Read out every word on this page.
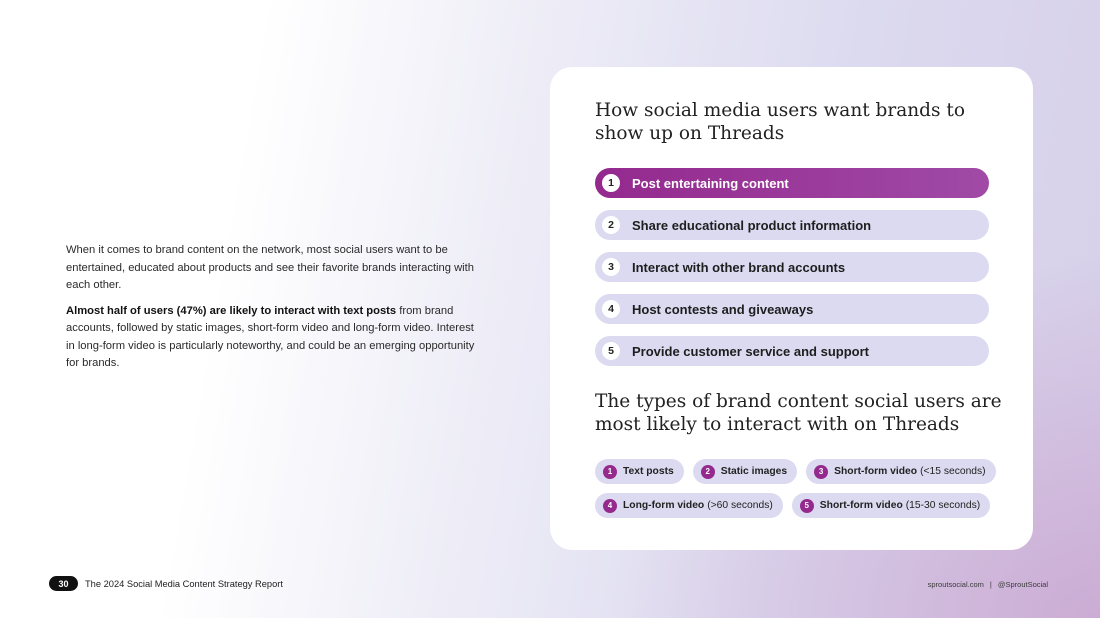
When it comes to brand content on the network, most social users want to be entertained, educated about products and see their favorite brands interacting with each other.

Almost half of users (47%) are likely to interact with text posts from brand accounts, followed by static images, short-form video and long-form video. Interest in long-form video is particularly noteworthy, and could be an emerging opportunity for brands.

How social media users want brands to show up on Threads
1	Post entertaining content
2	Share educational product information
3	Interact with other brand accounts
4	Host contests and giveaways
5	Provide customer service and support
The types of brand content social users are most likely to interact with on Threads
1	Text posts	2	Static images	3	Short-form video (<15 seconds)
4	Long-form video (>60 seconds)	5	Short-form video (15-30 seconds)
30	The 2024 Social Media Content Strategy Report	sproutsocial.com | @SproutSocial
